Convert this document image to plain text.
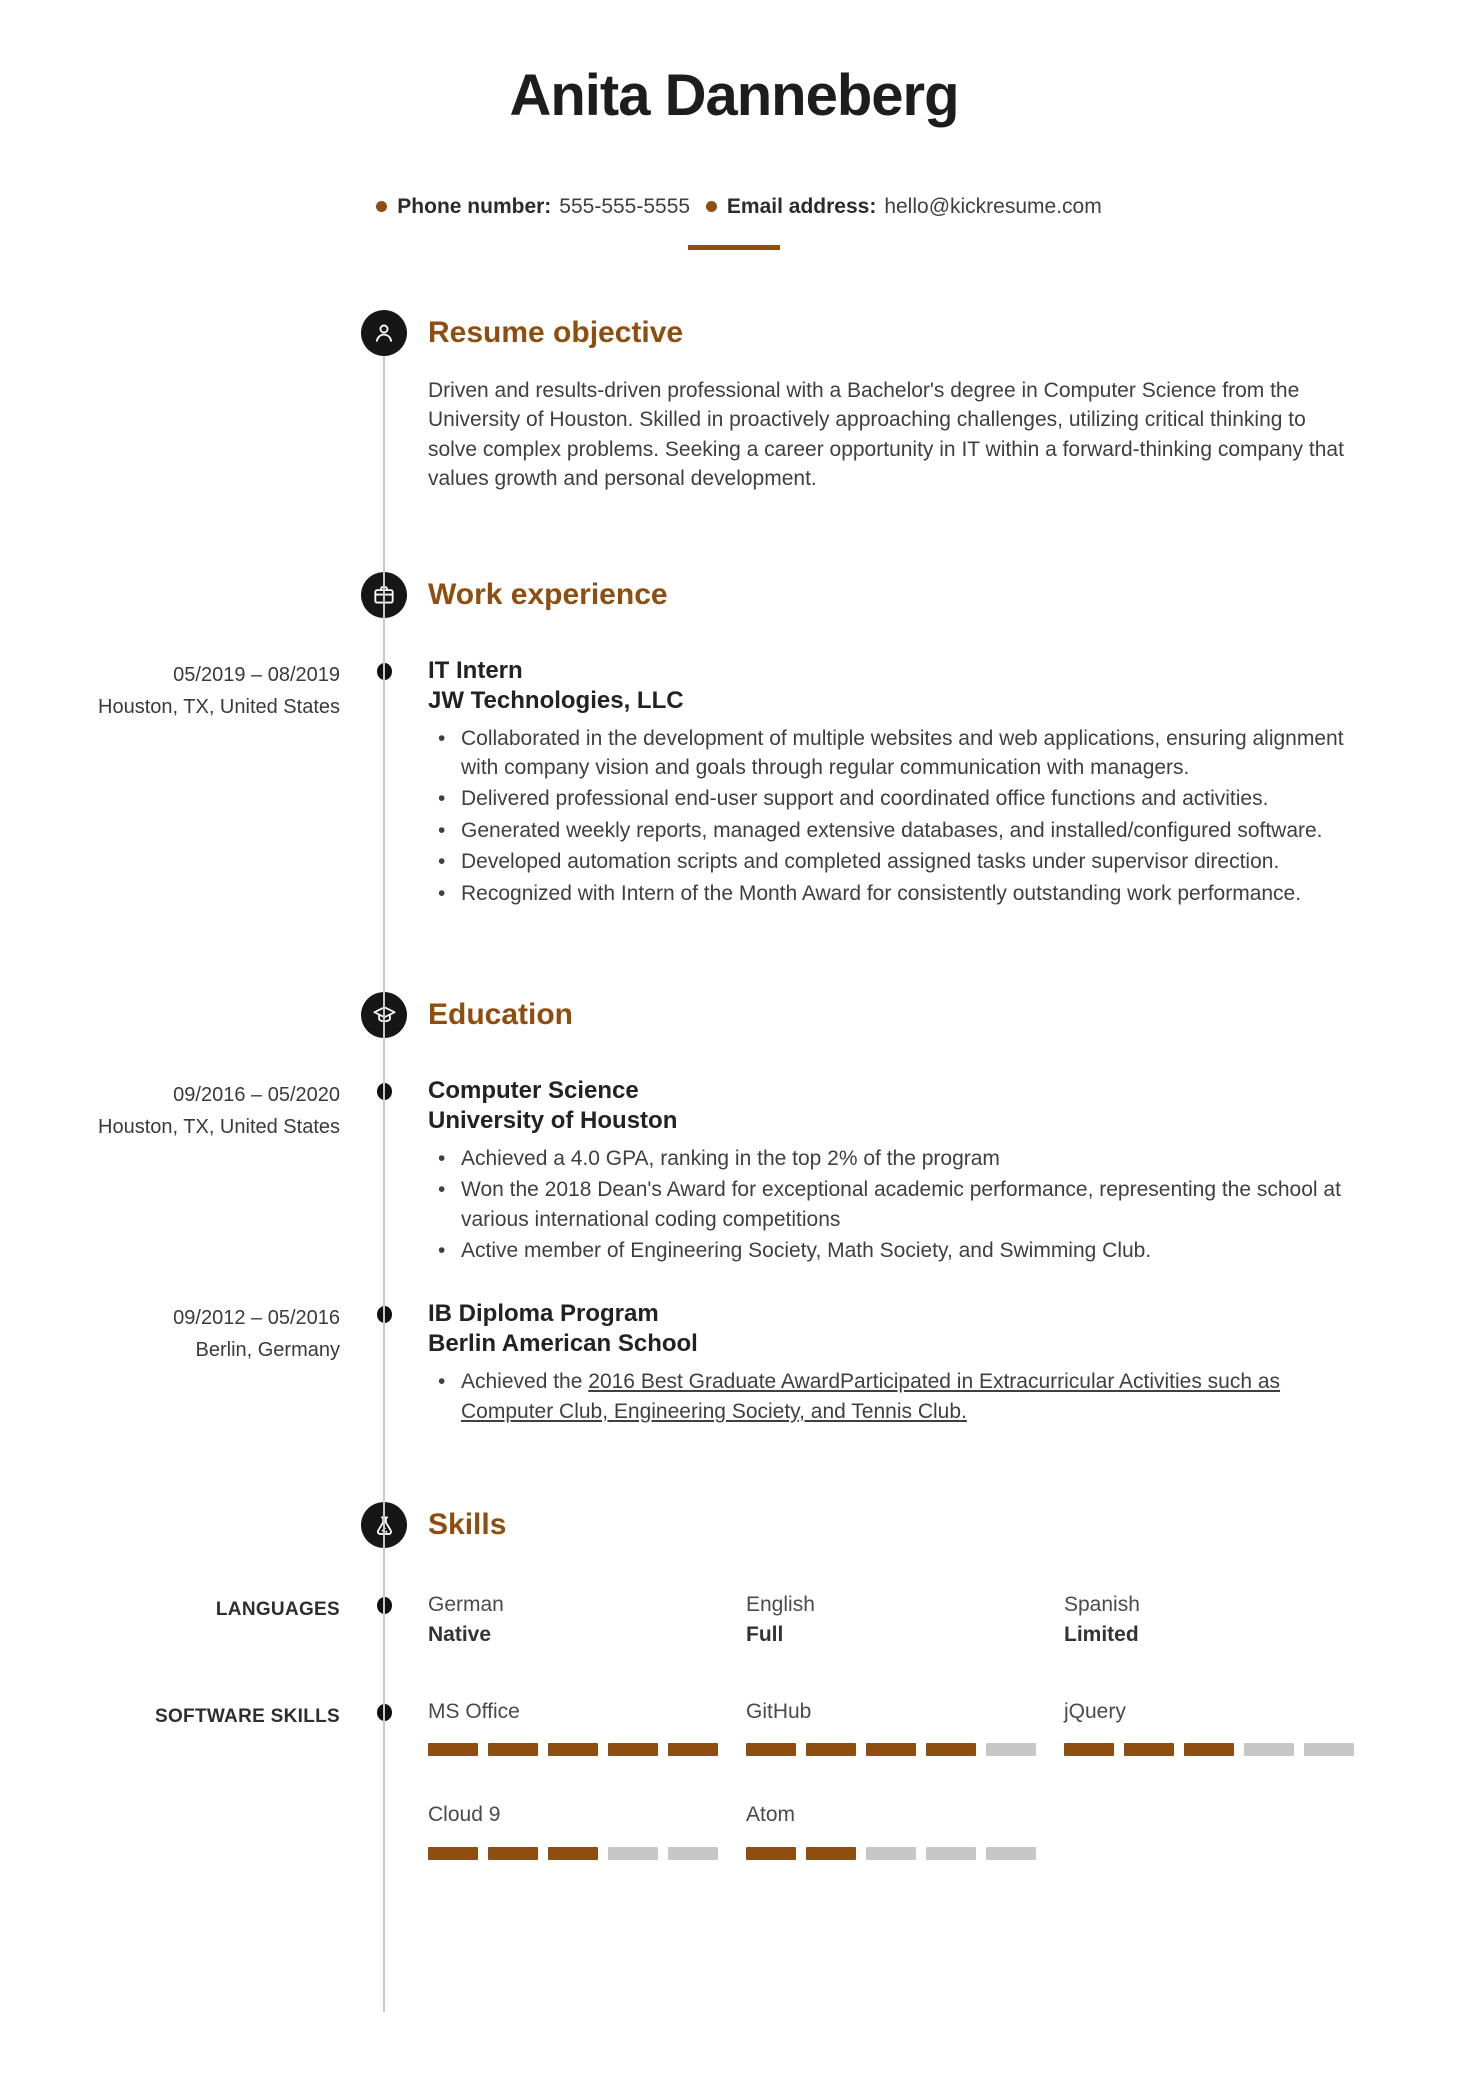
Anita Danneberg
Phone number: 555-555-5555 Email address: hello@kickresume.com
Resume objective
Driven and results-driven professional with a Bachelor's degree in Computer Science from the University of Houston. Skilled in proactively approaching challenges, utilizing critical thinking to solve complex problems. Seeking a career opportunity in IT within a forward-thinking company that values growth and personal development.
Work experience
05/2019 – 08/2019
Houston, TX, United States
IT Intern
JW Technologies, LLC
• Collaborated in the development of multiple websites and web applications, ensuring alignment with company vision and goals through regular communication with managers.
• Delivered professional end-user support and coordinated office functions and activities.
• Generated weekly reports, managed extensive databases, and installed/configured software.
• Developed automation scripts and completed assigned tasks under supervisor direction.
• Recognized with Intern of the Month Award for consistently outstanding work performance.
Education
09/2016 – 05/2020
Houston, TX, United States
Computer Science
University of Houston
• Achieved a 4.0 GPA, ranking in the top 2% of the program
• Won the 2018 Dean's Award for exceptional academic performance, representing the school at various international coding competitions
• Active member of Engineering Society, Math Society, and Swimming Club.
09/2012 – 05/2016
Berlin, Germany
IB Diploma Program
Berlin American School
• Achieved the 2016 Best Graduate AwardParticipated in Extracurricular Activities such as Computer Club, Engineering Society, and Tennis Club.
Skills
LANGUAGES	German
Native
English
Full
Spanish
Limited
SOFTWARE SKILLS	MS Office	GitHub	jQuery
Cloud 9	Atom
